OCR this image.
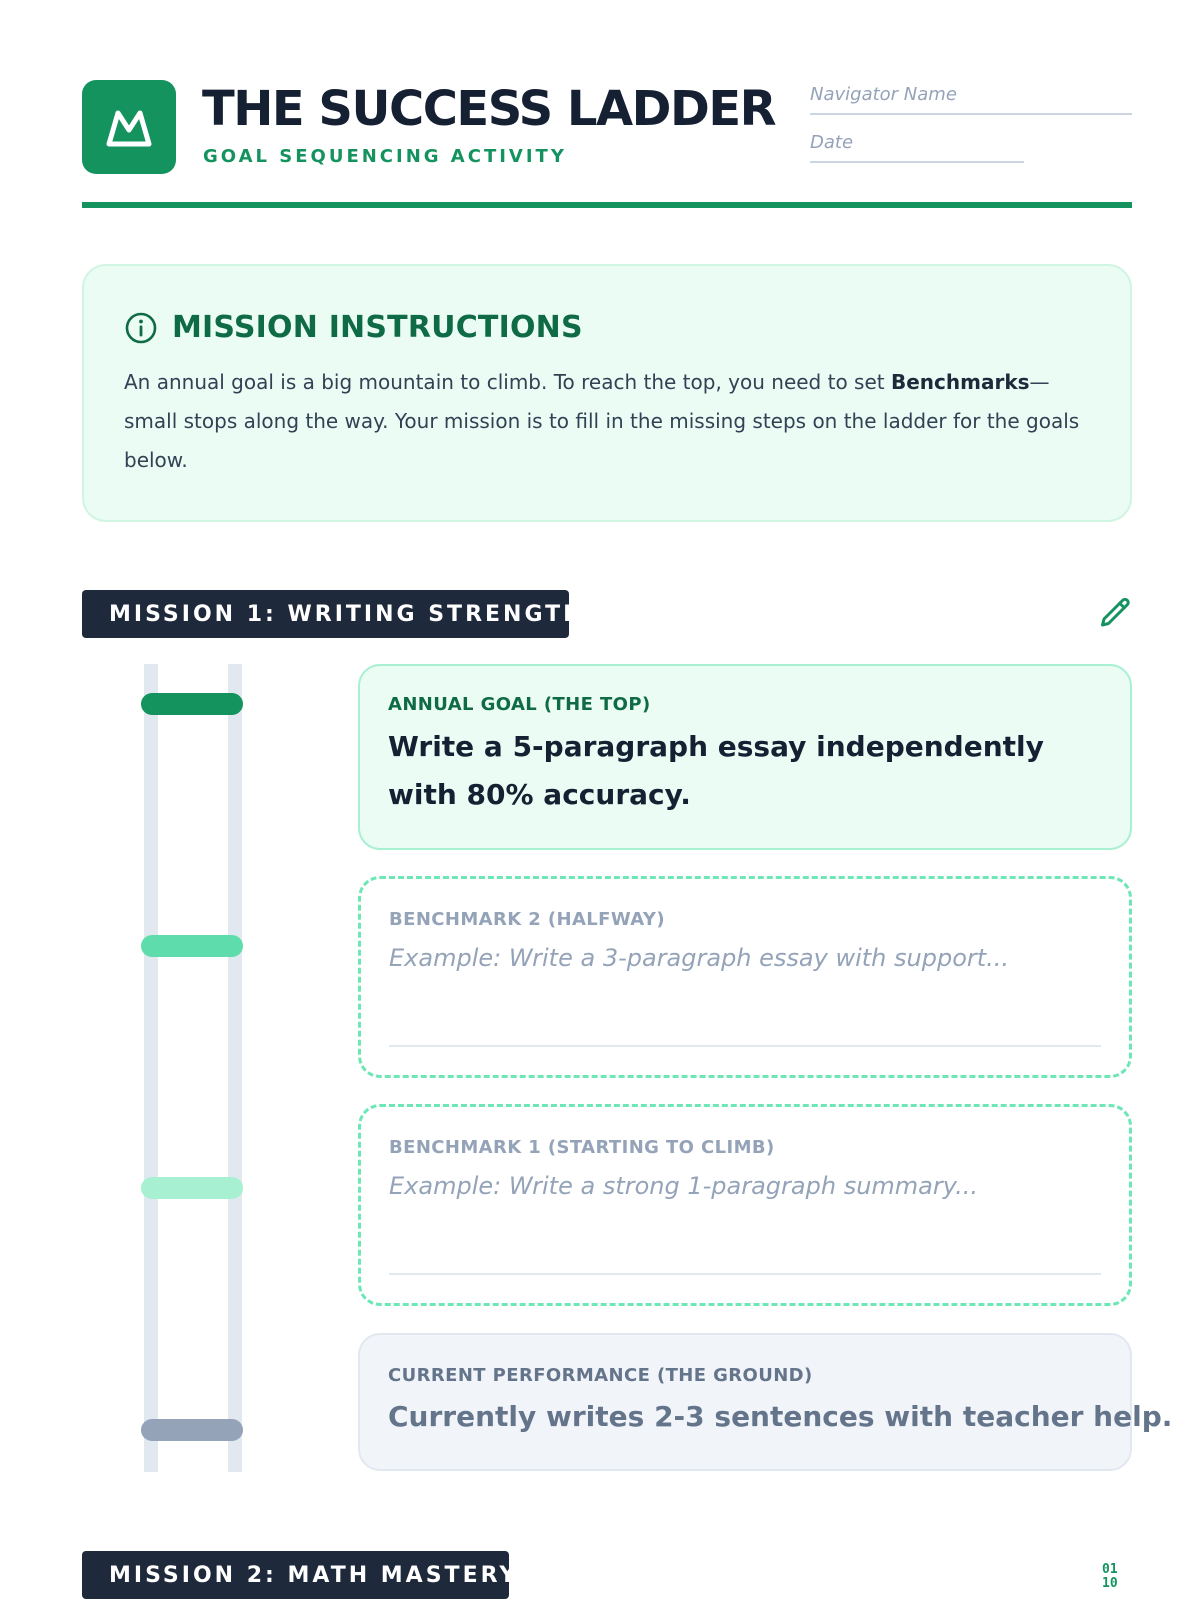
THE SUCCESS LADDER
GOAL SEQUENCING ACTIVITY
Navigator Name
Date
MISSION INSTRUCTIONS
An annual goal is a big mountain to climb. To reach the top, you need to set Benchmarks—small stops along the way. Your mission is to fill in the missing steps on the ladder for the goals below.
MISSION 1: WRITING STRENGTH
ANNUAL GOAL (THE TOP)
Write a 5-paragraph essay independently with 80% accuracy.
BENCHMARK 2 (HALFWAY)
Example: Write a 3-paragraph essay with support...
BENCHMARK 1 (STARTING TO CLIMB)
Example: Write a strong 1-paragraph summary...
CURRENT PERFORMANCE (THE GROUND)
Currently writes 2-3 sentences with teacher help.
MISSION 2: MATH MASTERY	01
10
